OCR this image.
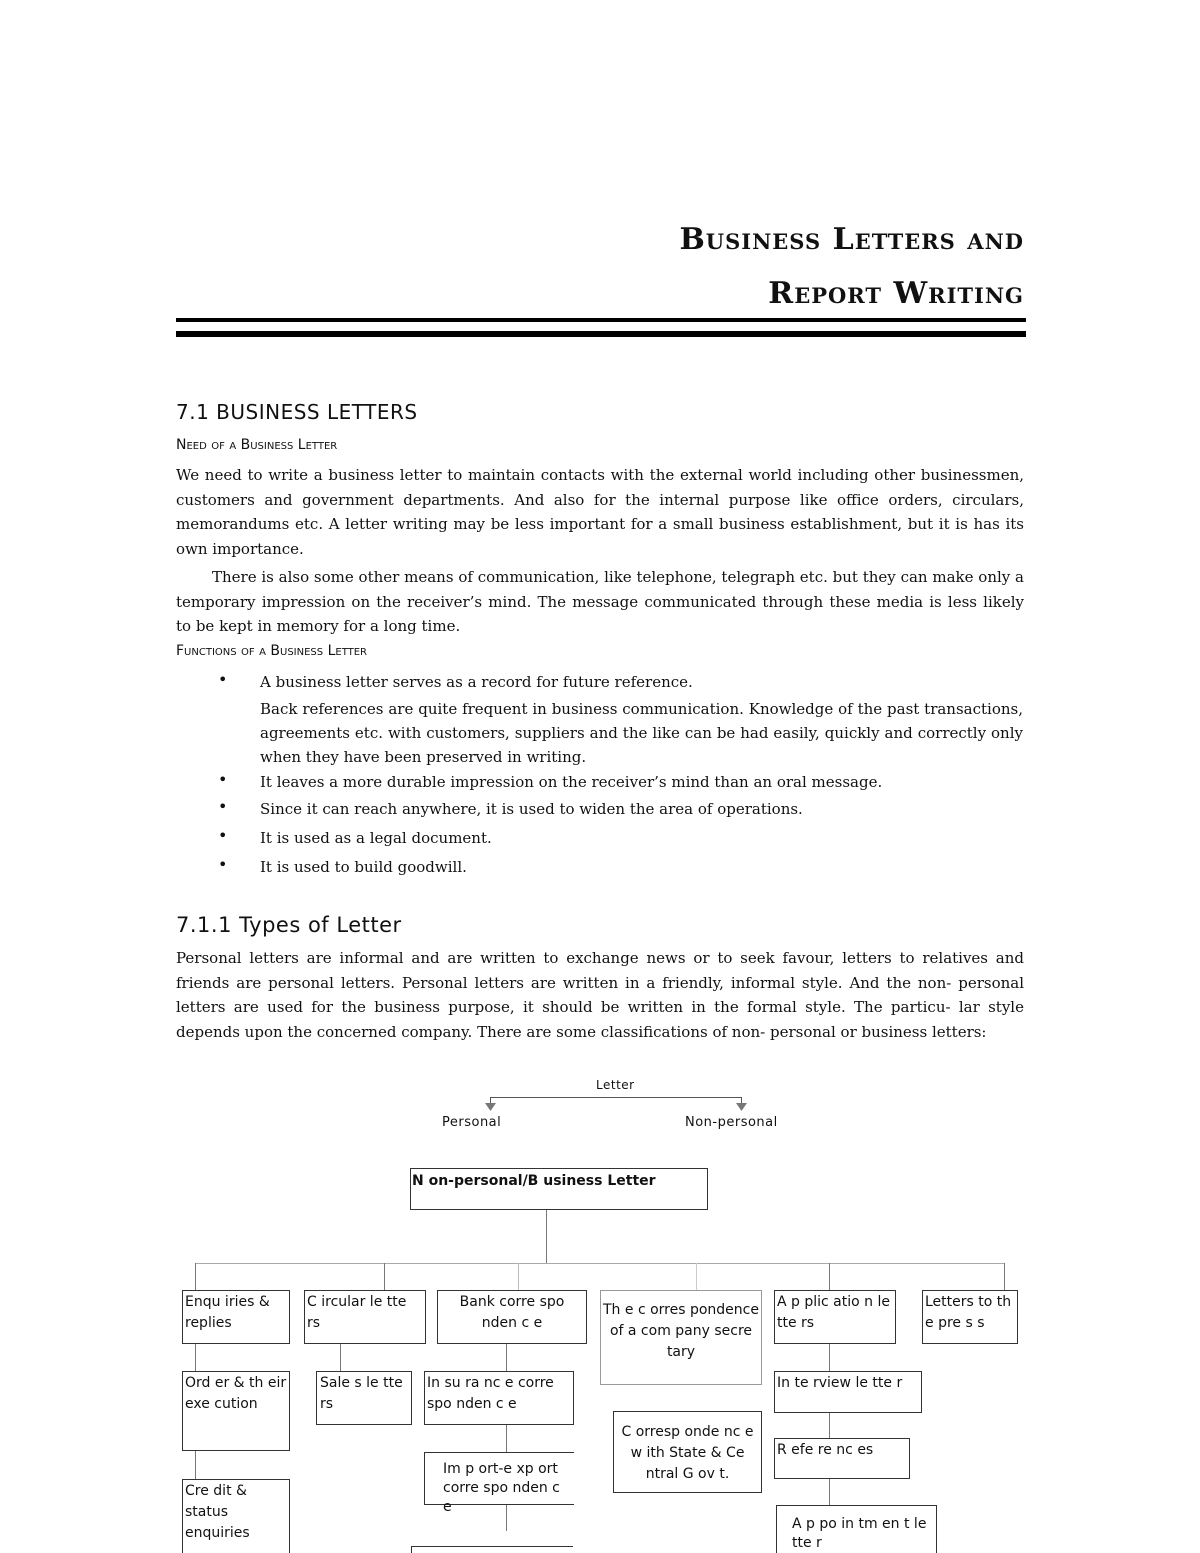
Business Letters and
Report Writing
7.1 BUSINESS LETTERS
Need of a Business Letter

We need to write a business letter to maintain contacts with the external world including other businessmen, customers and government departments. And also for the internal purpose like office orders, circulars, memorandums etc. A letter writing may be less important for a small business establishment, but it is has its own importance.

There is also some other means of communication, like telephone, telegraph etc. but they can make only a temporary impression on the receiver’s mind. The message communicated through these media is less likely to be kept in memory for a long time.

Functions of a Business Letter
• A business letter serves as a record for future reference.

Back references are quite frequent in business communication. Knowledge of the past transactions, agreements etc. with customers, suppliers and the like can be had easily, quickly and correctly only when they have been preserved in writing.

• It leaves a more durable impression on the receiver’s mind than an oral message.

• Since it can reach anywhere, it is used to widen the area of operations.

• It is used as a legal document.

• It is used to build goodwill.

7.1.1 Types of Letter

Personal letters are informal and are written to exchange news or to seek favour, letters to relatives and friends are personal letters. Personal letters are written in a friendly, informal style. And the non- personal letters are used for the business purpose, it should be written in the formal style. The particu- lar style depends upon the concerned company. There are some classifications of non- personal or business letters:

Letter
Personal	Non-personal
N on-personal/B usiness Letter
Enqu iries & replies
Ord er & th eir exe cution
Cre dit & status enquiries
C ircular le tte rs
Sale s le tte rs
Bank corre spo nden c e
In su ra nc e corre spo nden c e
Im p ort-e xp ort corre spo nden c e
Th e c orres pondence of a com pany secre tary
C orresp onde nc e w ith State & Ce ntral G ov t.
A p plic atio n le tte rs
In te rview le tte r
R efe re nc es
A p po in tm en t le tte r
Letters to th e pre s s
